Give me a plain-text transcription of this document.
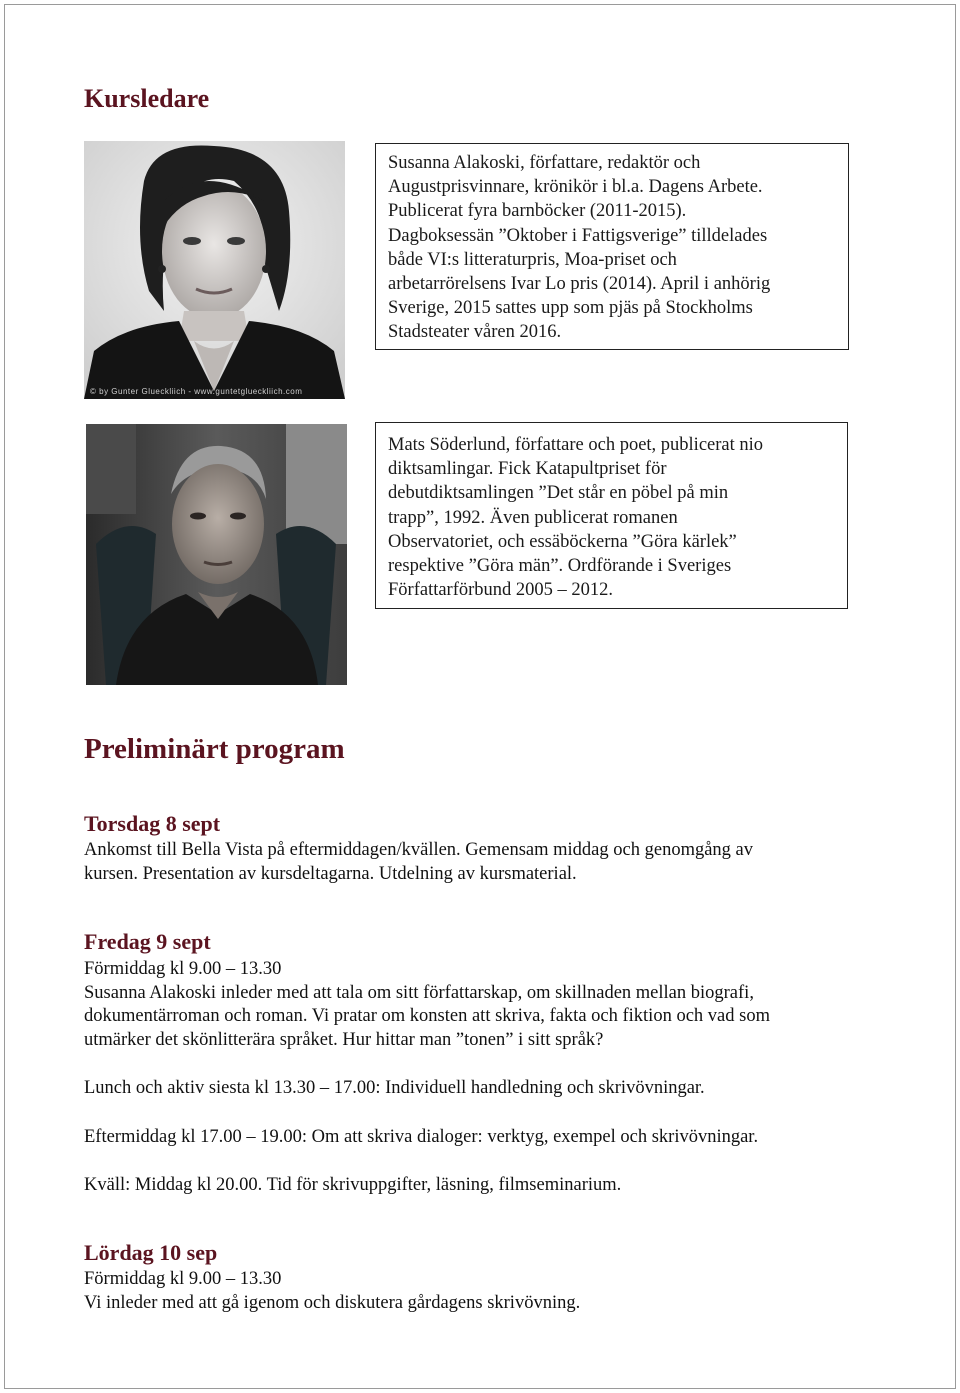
Kursledare
© by Gunter Glueckliich - www.guntetglueckliich.com
Susanna Alakoski, författare, redaktör och
Augustprisvinnare, krönikör i bl.a. Dagens Arbete.
Publicerat fyra barnböcker (2011-2015).
Dagboksessän ”Oktober i Fattigsverige” tilldelades
både VI:s litteraturpris, Moa-priset och
arbetarrörelsens Ivar Lo pris (2014). April i anhörig
Sverige, 2015 sattes upp som pjäs på Stockholms
Stadsteater våren 2016.
Mats Söderlund, författare och poet, publicerat nio
diktsamlingar. Fick Katapultpriset för
debutdiktsamlingen ”Det står en pöbel på min
trapp”, 1992. Även publicerat romanen
Observatoriet, och essäböckerna ”Göra kärlek”
respektive ”Göra män”. Ordförande i Sveriges
Författarförbund 2005 – 2012.
Preliminärt program
Torsdag 8 sept
Ankomst till Bella Vista på eftermiddagen/kvällen. Gemensam middag och genomgång av
kursen. Presentation av kursdeltagarna. Utdelning av kursmaterial.
Fredag 9 sept
Förmiddag kl 9.00 – 13.30
Susanna Alakoski inleder med att tala om sitt författarskap, om skillnaden mellan biografi,
dokumentärroman och roman. Vi pratar om konsten att skriva, fakta och fiktion och vad som
utmärker det skönlitterära språket. Hur hittar man ”tonen” i sitt språk?
Lunch och aktiv siesta kl 13.30 – 17.00: Individuell handledning och skrivövningar.
Eftermiddag kl 17.00 – 19.00: Om att skriva dialoger: verktyg, exempel och skrivövningar.
Kväll: Middag kl 20.00. Tid för skrivuppgifter, läsning, filmseminarium.
Lördag 10 sep
Förmiddag kl 9.00 – 13.30
Vi inleder med att gå igenom och diskutera gårdagens skrivövning.
